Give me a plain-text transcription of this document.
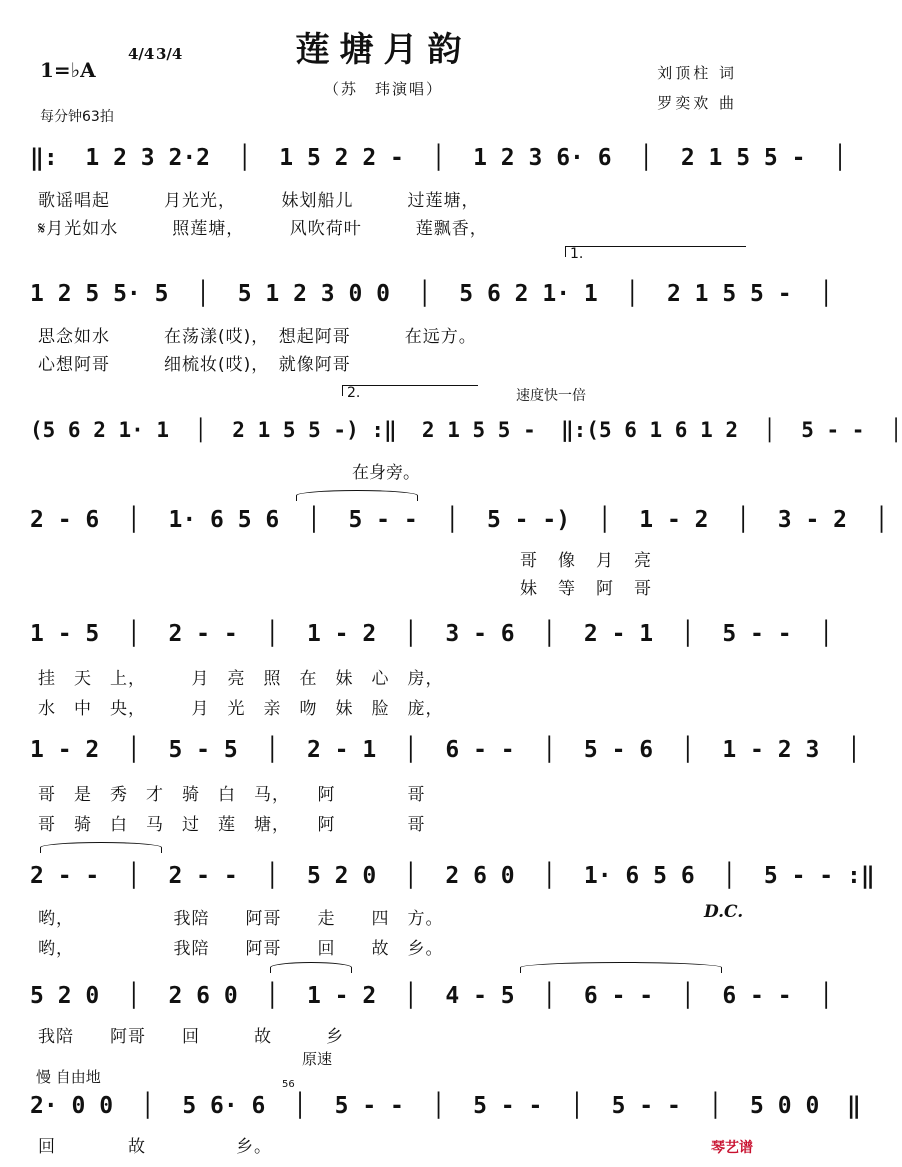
莲塘月韵
（苏　玮演唱）
刘顶柱 词
罗奕欢 曲
1=♭A
4/4 3/4
每分钟63拍
‖:  1 2 3 2·2  │  1 5 2 2 -  │  1 2 3 6· 6  │  2 1 5 5 -  │
歌谣唱起　　　月光光，　　　妹划船儿　　　过莲塘，
𝄋月光如水　　　照莲塘，　　　风吹荷叶　　　莲飘香，
1.
1 2 5 5· 5  │  5 1 2 3 0 0  │  5 6 2 1· 1  │  2 1 5 5 -  │
思念如水　　　在荡漾(哎)，　想起阿哥　　　在远方。
心想阿哥　　　细梳妆(哎)，　就像阿哥
2.	速度快一倍
(5 6 2 1· 1  │  2 1 5 5 -) :‖  2 1 5 5 -  ‖:(5 6 1 6 1 2  │  5 - -  │
在身旁。
2 - 6  │  1· 6 5 6  │  5 - -  │  5 - -)  │  1 - 2  │  3 - 2  │
哥　像　月　亮
妹　等　阿　哥
1 - 5  │  2 - -  │  1 - 2  │  3 - 6  │  2 - 1  │  5 - -  │
挂　天　上，　　　月　亮　照　在　妹　心　房，
水　中　央，　　　月　光　亲　吻　妹　脸　庞，
1 - 2  │  5 - 5  │  2 - 1  │  6 - -  │  5 - 6  │  1 - 2 3  │
哥　是　秀　才　骑　白　马，　　阿　　　　哥
哥　骑　白　马　过　莲　塘，　　阿　　　　哥
2 - -  │  2 - -  │  5 2 0  │  2 6 0  │  1· 6 5 6  │  5 - - :‖
哟，　　　　　　我陪　　阿哥　　走　　四　方。	D.C.
哟，　　　　　　我陪　　阿哥　　回　　故　乡。
5 2 0  │  2 6 0  │  1 - 2  │  4 - 5  │  6 - -  │  6 - -  │
我陪　　阿哥　　回　　　故　　　乡
慢 自由地
原速
56
2· 0 0  │  5 6· 6  │  5 - -  │  5 - -  │  5 - -  │  5 0 0  ‖
回　　　　故　　　　　乡。	琴艺谱
